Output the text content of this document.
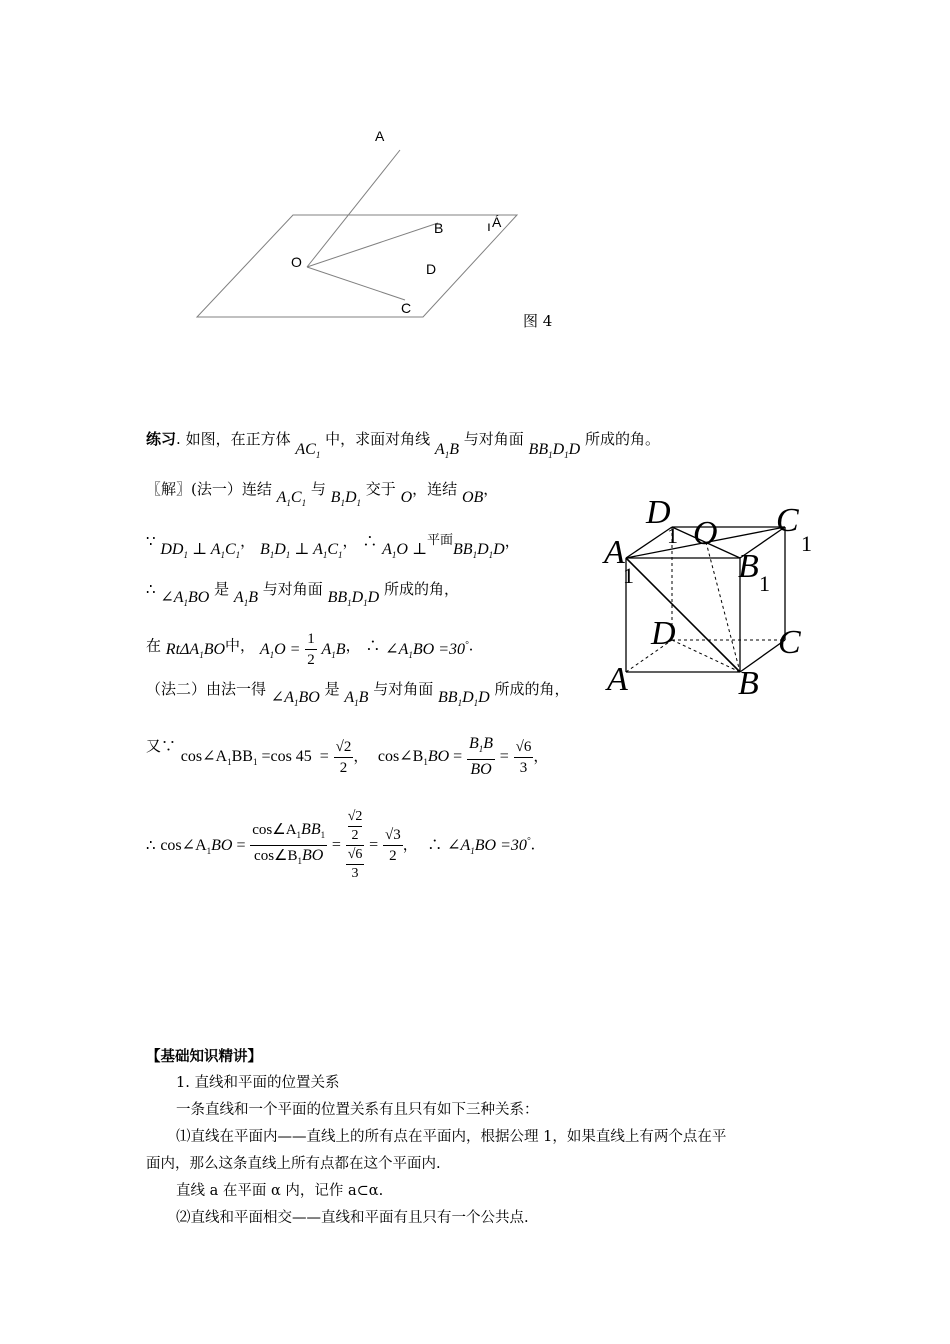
A
B	ı Á
O	D
C
图 4
练习. 如图，在正方体 $AC_1$ 中，求面对角线 $A_1B$ 与对角面 $BB_1D_1D$ 所成的角。
〖解〗(法一）连结 $A_1C_1$ 与 $B_1D_1$ 交于 O，连结 OB，
∵ $DD_1$ ⊥ $A_1C_1$， $B_1D_1$ ⊥ $A_1C_1$， ∴ $A_1O$ ⊥平面$BB_1D_1D$，
∴ $\angle A_1BO$ 是 $A_1B$ 与对角面 $BB_1D_1D$ 所成的角，
在 RtΔA$_1$BO中， $A_1O = \frac{1}{2} A_1B$， ∴ $\angle A_1BO =30^\circ$.
（法二）由法一得 $\angle A_1BO$ 是 $A_1B$ 与对角面 $BB_1D_1D$ 所成的角，
又∵ $\cos\angle A_1BB_1 =\cos$ $45 = \frac{√2}{2}$ ， $\cos\angle B_1BO = \frac{B_1B}{BO} = \frac{√6}{3}$ ，
∴ $\cos\angle A_1BO = \frac{\cos\angle A_1BB_1}{\cos\angle B_1BO} = √2$
2
√6
$3 = \frac{√3}{2}$ ， ∴ $\angle A_1BO =30^\circ$.
D
1 O C
1
A
1	B 1
D	C
A	B
【基础知识精讲】
1. 直线和平面的位置关系
一条直线和一个平面的位置关系有且只有如下三种关系：
⑴直线在平面内——直线上的所有点在平面内，根据公理 1，如果直线上有两个点在平
面内，那么这条直线上所有点都在这个平面内.
直线 a 在平面 α 内，记作 a⊂α.
⑵直线和平面相交——直线和平面有且只有一个公共点.
